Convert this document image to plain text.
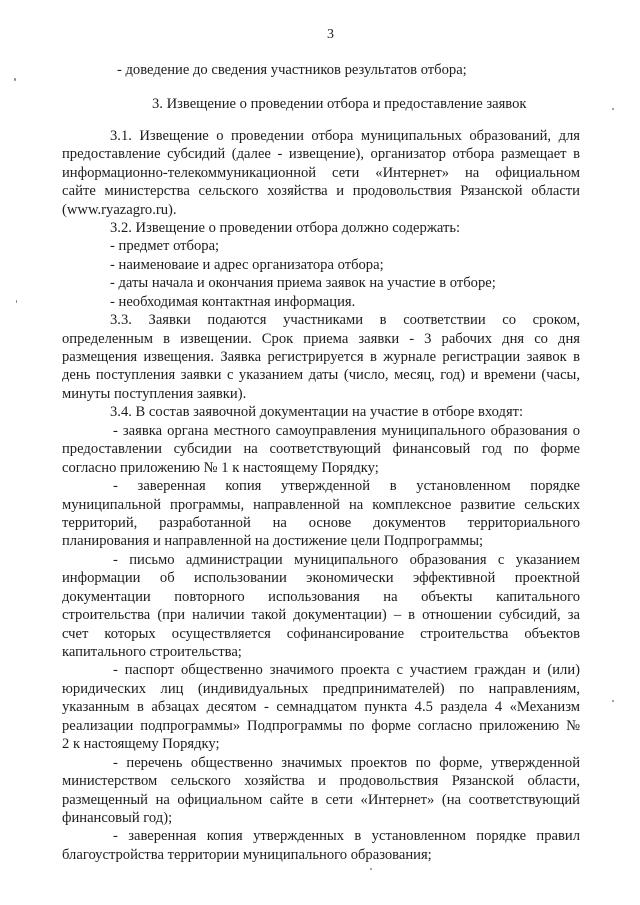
3
- доведение до сведения участников результатов отбора;
3. Извещение о проведении отбора и предоставление заявок
3.1. Извещение о проведении отбора муниципальных образований, для
предоставление субсидий (далее - извещение), организатор отбора размещает в
информационно-телекоммуникационной сети «Интернет» на официальном
сайте министерства сельского хозяйства и продовольствия Рязанской области
(www.ryazagro.ru).
3.2. Извещение о проведении отбора должно содержать:
- предмет отбора;
- наименоваие и адрес организатора отбора;
- даты начала и окончания приема заявок на участие в отборе;
- необходимая контактная информация.
3.3. Заявки подаются участниками в соответствии со сроком,
определенным в извещении. Срок приема заявки - 3 рабочих дня со дня
размещения извещения. Заявка регистрируется в журнале регистрации заявок в
день поступления заявки с указанием даты (число, месяц, год) и времени (часы,
минуты поступления заявки).
3.4. В состав заявочной документации на участие в отборе входят:
- заявка органа местного самоуправления муниципального образования о
предоставлении субсидии на соответствующий финансовый год по форме
согласно приложению № 1 к настоящему Порядку;
- заверенная копия утвержденной в установленном порядке
муниципальной программы, направленной на комплексное развитие сельских
территорий, разработанной на основе документов территориального
планирования и направленной на достижение цели Подпрограммы;
- письмо администрации муниципального образования с указанием
информации об использовании экономически эффективной проектной
документации повторного использования на объекты капитального
строительства (при наличии такой документации) – в отношении субсидий, за
счет которых осуществляется софинансирование строительства объектов
капитального строительства;
- паспорт общественно значимого проекта с участием граждан и (или)
юридических лиц (индивидуальных предпринимателей) по направлениям,
указанным в абзацах десятом - семнадцатом пункта 4.5 раздела 4 «Механизм
реализации подпрограммы» Подпрограммы по форме согласно приложению №
2 к настоящему Порядку;
- перечень общественно значимых проектов по форме, утвержденной
министерством сельского хозяйства и продовольствия Рязанской области,
размещенный на официальном сайте в сети «Интернет» (на соответствующий
финансовый год);
- заверенная копия утвержденных в установленном порядке правил
благоустройства территории муниципального образования;
